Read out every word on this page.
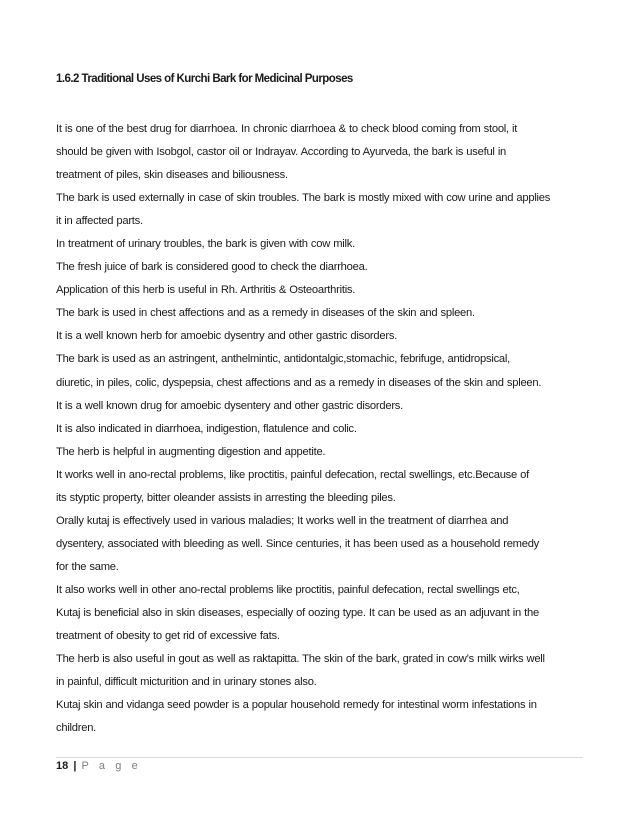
1.6.2 Traditional Uses of Kurchi Bark for Medicinal Purposes
It is one of the best drug for diarrhoea. In chronic diarrhoea & to check blood coming from stool, it
should be given with Isobgol, castor oil or Indrayav. According to Ayurveda, the bark is useful in
treatment of piles, skin diseases and biliousness.
The bark is used externally in case of skin troubles. The bark is mostly mixed with cow urine and applies
it in affected parts.
In treatment of urinary troubles, the bark is given with cow milk.
The fresh juice of bark is considered good to check the diarrhoea.
Application of this herb is useful in Rh. Arthritis & Osteoarthritis.
The bark is used in chest affections and as a remedy in diseases of the skin and spleen.
It is a well known herb for amoebic dysentry and other gastric disorders.
The bark is used as an astringent, anthelmintic, antidontalgic,stomachic, febrifuge, antidropsical,
diuretic, in piles, colic, dyspepsia, chest affections and as a remedy in diseases of the skin and spleen.
It is a well known drug for amoebic dysentery and other gastric disorders.
It is also indicated in diarrhoea, indigestion, flatulence and colic.
The herb is helpful in augmenting digestion and appetite.
It works well in ano-rectal problems, like proctitis, painful defecation, rectal swellings, etc.Because of
its styptic property, bitter oleander assists in arresting the bleeding piles.
Orally kutaj is effectively used in various maladies; It works well in the treatment of diarrhea and
dysentery, associated with bleeding as well. Since centuries, it has been used as a household remedy
for the same.
It also works well in other ano-rectal problems like proctitis, painful defecation, rectal swellings etc,
Kutaj is beneficial also in skin diseases, especially of oozing type. It can be used as an adjuvant in the
treatment of obesity to get rid of excessive fats.
The herb is also useful in gout as well as raktapitta. The skin of the bark, grated in cow’s milk wirks well
in painful, difficult micturition and in urinary stones also.
Kutaj skin and vidanga seed powder is a popular household remedy for intestinal worm infestations in
children.
18 | P a g e
